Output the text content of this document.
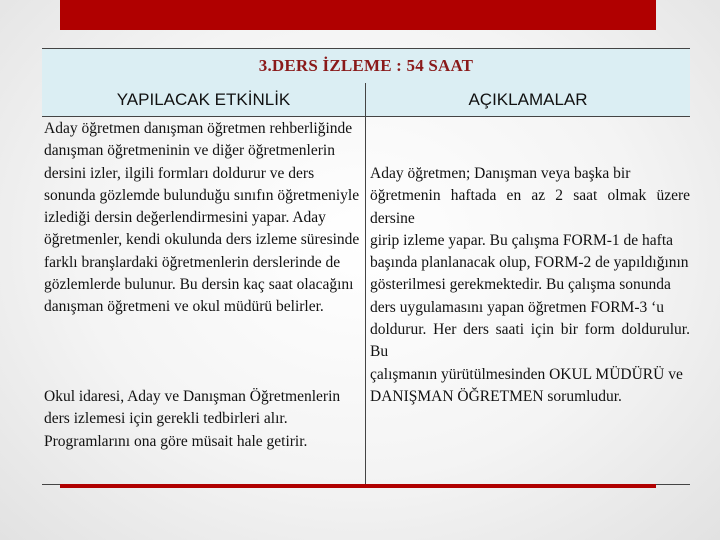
3.DERS İZLEME : 54 SAAT
YAPILACAK ETKİNLİK	AÇIKLAMALAR
Aday öğretmen danışman öğretmen rehberliğinde
danışman öğretmeninin ve diğer öğretmenlerin
dersini izler, ilgili formları doldurur ve ders
sonunda gözlemde bulunduğu sınıfın öğretmeniyle
izlediği dersin değerlendirmesini yapar. Aday
öğretmenler, kendi okulunda ders izleme süresinde
farklı branşlardaki öğretmenlerin derslerinde de
gözlemlerde bulunur. Bu dersin kaç saat olacağını
danışman öğretmeni ve okul müdürü belirler.
Okul idaresi, Aday ve Danışman Öğretmenlerin
ders izlemesi için gerekli tedbirleri alır.
Programlarını ona göre müsait hale getirir.
Aday öğretmen; Danışman veya başka bir
öğretmenin haftada en az 2 saat olmak üzere dersine
girip izleme yapar. Bu çalışma FORM-1 de hafta
başında planlanacak olup, FORM-2 de yapıldığının
gösterilmesi gerekmektedir. Bu çalışma sonunda
ders uygulamasını yapan öğretmen FORM-3 ‘u
doldurur. Her ders saati için bir form doldurulur. Bu
çalışmanın yürütülmesinden OKUL MÜDÜRÜ ve
DANIŞMAN ÖĞRETMEN sorumludur.
